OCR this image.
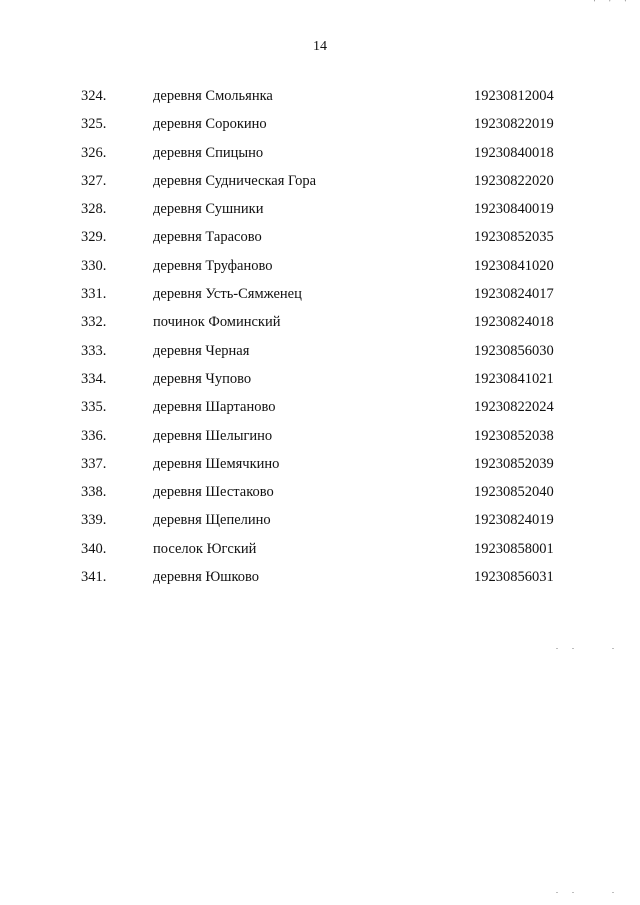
' ' '
14
324.	деревня Смольянка	19230812004
325.	деревня Сорокино	19230822019
326.	деревня Спицыно	19230840018
327.	деревня Судническая Гора	19230822020
328.	деревня Сушники	19230840019
329.	деревня Тарасово	19230852035
330.	деревня Труфаново	19230841020
331.	деревня Усть-Сямженец	19230824017
332.	починок Фоминский	19230824018
333.	деревня Черная	19230856030
334.	деревня Чупово	19230841021
335.	деревня Шартаново	19230822024
336.	деревня Шелыгино	19230852038
337.	деревня Шемячкино	19230852039
338.	деревня Шестаково	19230852040
339.	деревня Щепелино	19230824019
340.	поселок Югский	19230858001
341.	деревня Юшково	19230856031
. .    .
. .    .
